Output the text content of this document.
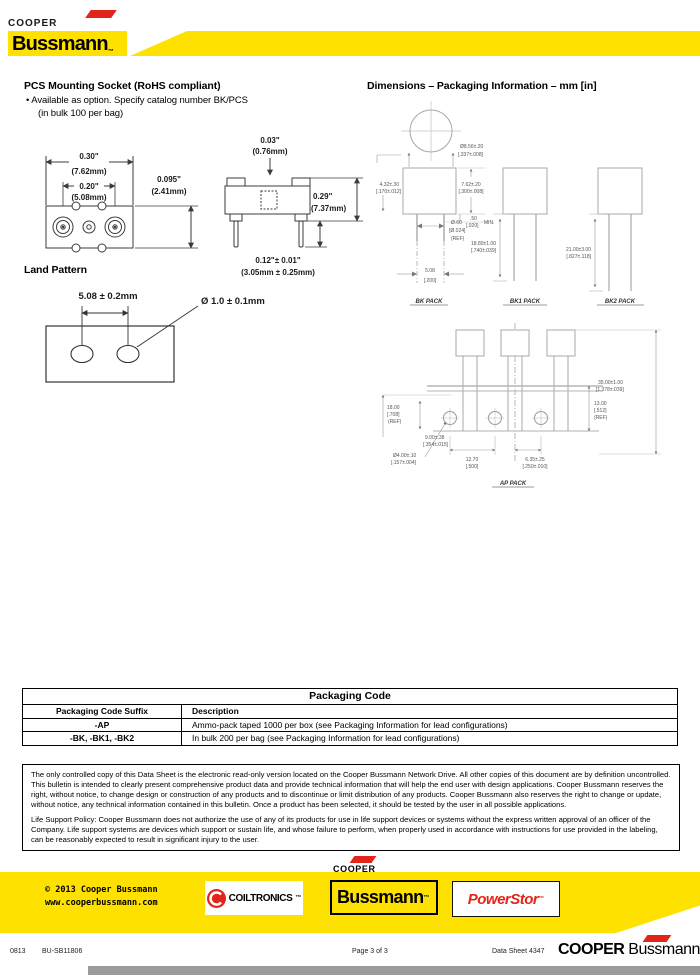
COOPER
Bussmann ™
PCS Mounting Socket (RoHS compliant)
• Available as option. Specify catalog number BK/PCS
(in bulk 100 per bag)
0.30"
(7.62mm)
0.20"
(5.08mm)
0.095"
(2.41mm)
0.03"
(0.76mm)
0.29"
(7.37mm)
0.12"± 0.01"
(3.05mm ± 0.25mm)
Land Pattern
5.08 ± 0.2mm	Ø 1.0 ± 0.1mm
Dimensions – Packaging Information – mm [in]
Ø8.56±.20
[.337±.008]
7.62±.20
[.300±.008]
.50
[.020] MIN.
4.32±.30
[.170±.012]
Ø.60
[Ø.024]
(REF)
5.08
[.200]
BK PACK
18.80±1.00
[.740±.039]
BK1 PACK
21.00±3.00
[.827±.118]
BK2 PACK
35.00±1.00
[1.378±.039]
13.00
[.512]
(REF)
18.00
[.708]
(REF)
9.00±.38
[.354±.015]
Ø4.00±.10
[.157±.004]	12.70
[.500]
6.35±.25
[.250±.010]
AP PACK
Packaging Code
Packaging Code Suffix	Description
-AP	Ammo-pack taped 1000 per box (see Packaging Information for lead configurations)
-BK, -BK1, -BK2	In bulk 200 per bag (see Packaging Information for lead configurations)

The only controlled copy of this Data Sheet is the electronic read-only version located on the Cooper Bussmann Network Drive. All other copies of this document are by definition uncontrolled. This bulletin is intended to clearly present comprehensive product data and provide technical information that will help the end user with design applications. Cooper Bussmann reserves the right, without notice, to change design or construction of any products and to discontinue or limit distribution of any products. Cooper Bussmann also reserves the right to change or update, without notice, any technical information contained in this bulletin. Once a product has been selected, it should be tested by the user in all possible applications.

Life Support Policy: Cooper Bussmann does not authorize the use of any of its products for use in life support devices or systems without the express written approval of an officer of the Company. Life support systems are devices which support or sustain life, and whose failure to perform, when properly used in accordance with instructions for use provided in the labeling, can be reasonably expected to result in significant injury to the user.

© 2013 Cooper Bussmann
www.cooperbussmann.com	COILTRONICS ™
COOPER
Bussmann ™	PowerStor ™
0813 BU-SB11806	Page 3 of 3	Data Sheet 4347 COOPER Bussmann
